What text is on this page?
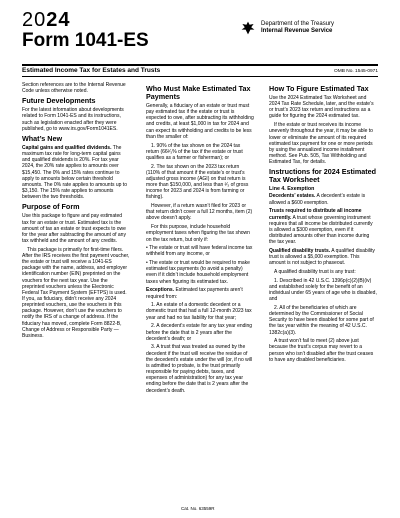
2024
Form 1041-ES
Department of the Treasury
Internal Revenue Service
Estimated Income Tax for Estates and Trusts	OMB No. 1545-0971

Section references are to the Internal Revenue Code unless otherwise noted.

Future Developments

For the latest information about developments related to Form 1041-ES and its instructions, such as legislation enacted after they were published, go to www.irs.gov/Form1041ES.

What’s New

Capital gains and qualified dividends. The maximum tax rate for long-term capital gains and qualified dividends is 20%. For tax year 2024, the 20% rate applies to amounts over $15,450. The 0% and 15% rates continue to apply to amounts below certain threshold amounts. The 0% rate applies to amounts up to $3,150. The 15% rate applies to amounts between the two thresholds.

Purpose of Form

Use this package to figure and pay estimated tax for an estate or trust. Estimated tax is the amount of tax an estate or trust expects to owe for the year after subtracting the amount of any tax withheld and the amount of any credits.

This package is primarily for first-time filers. After the IRS receives the first payment voucher, the estate or trust will receive a 1041-ES package with the name, address, and employer identification number (EIN) preprinted on the vouchers for the next tax year. Use the preprinted vouchers unless the Electronic Federal Tax Payment System (EFTPS) is used. If you, as fiduciary, didn’t receive any 2024 preprinted vouchers, use the vouchers in this package. However, don’t use the vouchers to notify the IRS of a change of address. If the fiduciary has moved, complete Form 8822-B, Change of Address or Responsible Party — Business.

Who Must Make Estimated Tax Payments

Generally, a fiduciary of an estate or trust must pay estimated tax if the estate or trust is expected to owe, after subtracting its withholding and credits, at least $1,000 in tax for 2024 and can expect its withholding and credits to be less than the smaller of:

1. 90% of the tax shown on the 2024 tax return (66²⁄₃% of the tax if the estate or trust qualifies as a farmer or fisherman); or

2. The tax shown on the 2023 tax return (110% of that amount if the estate’s or trust’s adjusted gross income (AGI) on that return is more than $150,000, and less than ²⁄₃ of gross income for 2023 and 2024 is from farming or fishing).

However, if a return wasn’t filed for 2023 or that return didn’t cover a full 12 months, item (2) above doesn’t apply.

For this purpose, include household employment taxes when figuring the tax shown on the tax return, but only if:

• The estate or trust will have federal income tax withheld from any income, or

• The estate or trust would be required to make estimated tax payments (to avoid a penalty) even if it didn’t include household employment taxes when figuring its estimated tax.

Exceptions. Estimated tax payments aren’t required from:

1. An estate of a domestic decedent or a domestic trust that had a full 12-month 2023 tax year and had no tax liability for that year;

2. A decedent’s estate for any tax year ending before the date that is 2 years after the decedent’s death; or

3. A trust that was treated as owned by the decedent if the trust will receive the residue of the decedent’s estate under the will (or, if no will is admitted to probate, is the trust primarily responsible for paying debts, taxes, and expenses of administration) for any tax year ending before the date that is 2 years after the decedent’s death.

How To Figure Estimated Tax

Use the 2024 Estimated Tax Worksheet and 2024 Tax Rate Schedule, later, and the estate’s or trust’s 2023 tax return and instructions as a guide for figuring the 2024 estimated tax.

If the estate or trust receives its income unevenly throughout the year, it may be able to lower or eliminate the amount of its required estimated tax payment for one or more periods by using the annualized income installment method. See Pub. 505, Tax Withholding and Estimated Tax, for details.

Instructions for 2024 Estimated Tax Worksheet
Line 4. Exemption

Decedents’ estates. A decedent’s estate is allowed a $600 exemption.

Trusts required to distribute all income currently. A trust whose governing instrument requires that all income be distributed currently is allowed a $300 exemption, even if it distributed amounts other than income during the tax year.

Qualified disability trusts. A qualified disability trust is allowed a $5,000 exemption. This amount is not subject to phaseout.

A qualified disability trust is any trust:

1. Described in 42 U.S.C. 1396p(c)(2)(B)(iv) and established solely for the benefit of an individual under 65 years of age who is disabled, and

2. All of the beneficiaries of which are determined by the Commissioner of Social Security to have been disabled for some part of the tax year within the meaning of 42 U.S.C. 1382c(a)(3).

A trust won’t fail to meet (2) above just because the trust’s corpus may revert to a person who isn’t disabled after the trust ceases to have any disabled beneficiaries.

Cat. No. 63559R
